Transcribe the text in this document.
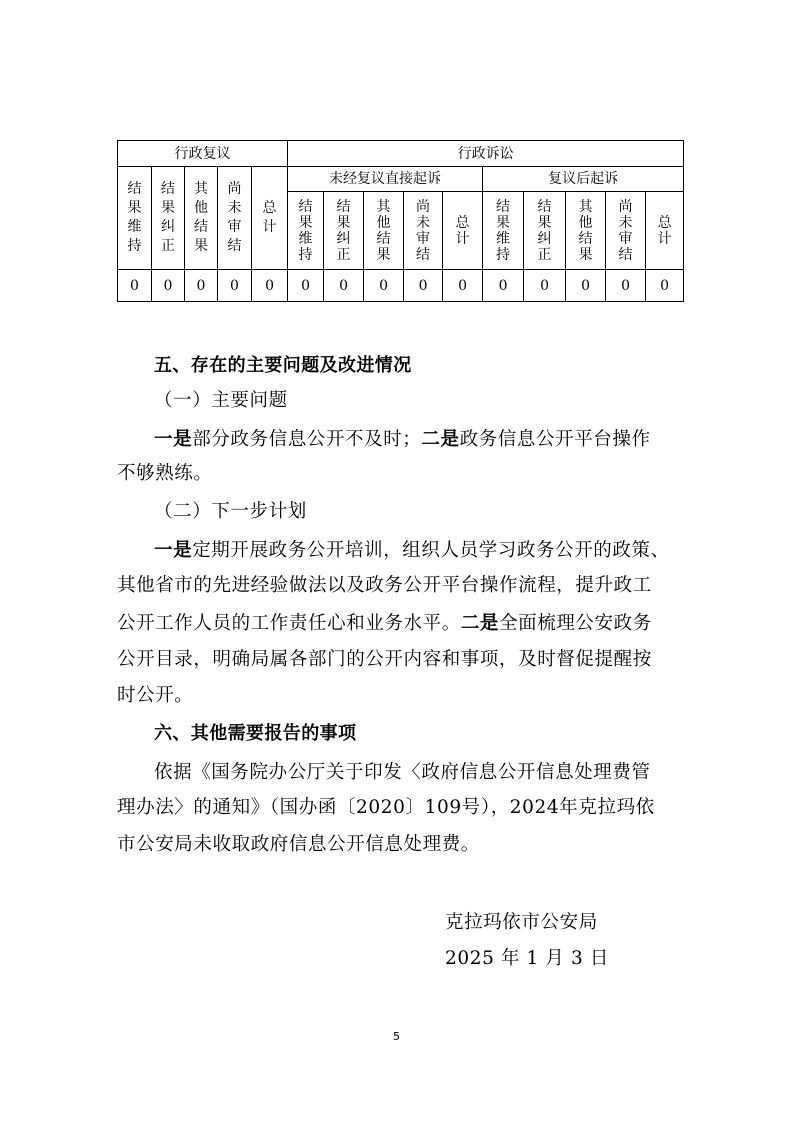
行政复议					行政诉讼									
结果维持	结果纠正	其他结果	尚未审结	总计	未经复议直接起诉					复议后起诉				
					结果维持	结果纠正	其他结果	尚未审结	总计	结果维持	结果纠正	其他结果	尚未审结	总计
0	0	0	0	0	0	0	0	0	0	0	0	0	0	0
五、存在的主要问题及改进情况
（一）主要问题
一是部分政务信息公开不及时；二是政务信息公开平台操作
不够熟练。
（二）下一步计划
一是定期开展政务公开培训，组织人员学习政务公开的政策、
其他省市的先进经验做法以及政务公开平台操作流程，提升政工
公开工作人员的工作责任心和业务水平。二是全面梳理公安政务
公开目录，明确局属各部门的公开内容和事项，及时督促提醒按
时公开。
六、其他需要报告的事项
依据《国务院办公厅关于印发〈政府信息公开信息处理费管
理办法〉的通知》（国办函〔2020〕109号），2024年克拉玛依
市公安局未收取政府信息公开信息处理费。
克拉玛依市公安局
2025 年 1 月 3 日
5
